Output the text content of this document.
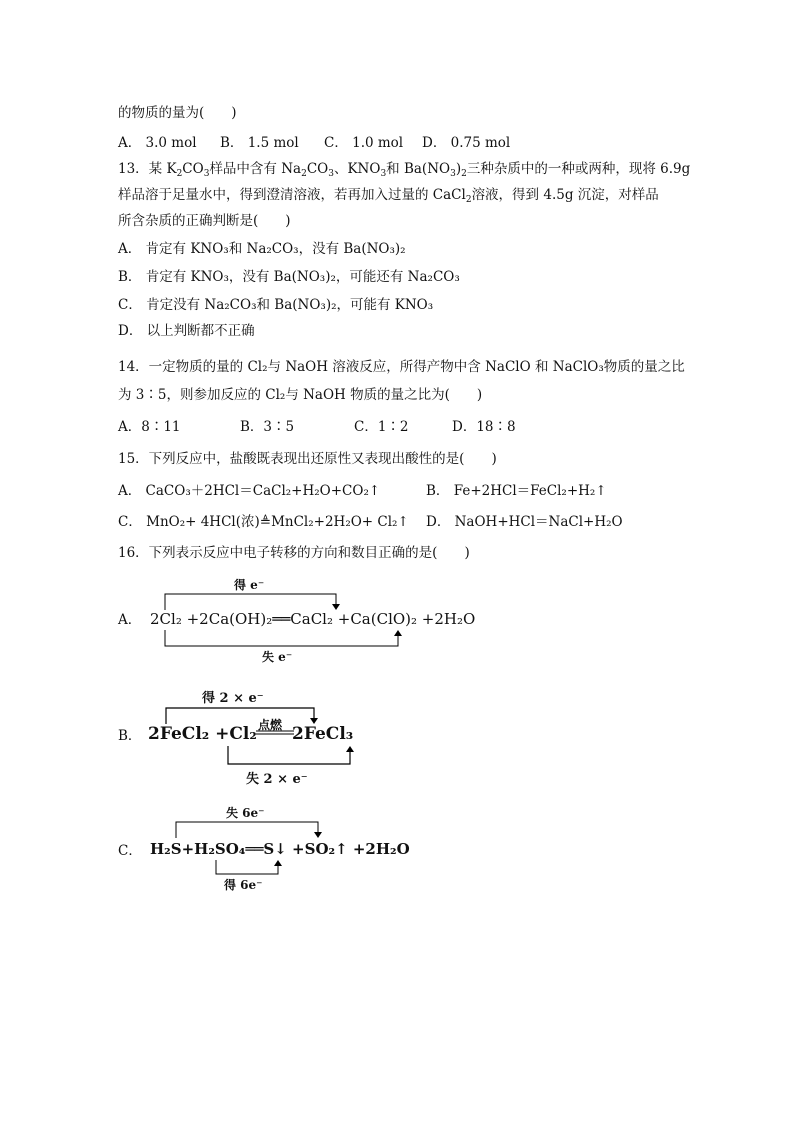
的物质的量为(　　)
A． 3.0 mol B． 1.5 mol C． 1.0 mol D． 0.75 mol
13．某 $K_2CO_3$样品中含有 $Na_2CO_3$、$KNO_3$和 $Ba(NO_3)_2$三种杂质中的一种或两种，现将 6.9g
样品溶于足量水中，得到澄清溶液，若再加入过量的 CaCl$_2$溶液，得到 4.5g 沉淀，对样品
所含杂质的正确判断是(　　)
A． 肯定有 KNO₃和 Na₂CO₃，没有 Ba(NO₃)₂
B． 肯定有 KNO₃，没有 Ba(NO₃)₂，可能还有 Na₂CO₃
C． 肯定没有 Na₂CO₃和 Ba(NO₃)₂，可能有 KNO₃
D． 以上判断都不正确
14．一定物质的量的 Cl₂与 NaOH 溶液反应，所得产物中含 NaClO 和 NaClO₃物质的量之比
为 3∶5，则参加反应的 Cl₂与 NaOH 物质的量之比为(　　)
A．8∶11	B．3∶5	C．1∶2	D．18∶8
15．下列反应中，盐酸既表现出还原性又表现出酸性的是(　　)
A． CaCO₃＋2HCl＝CaCl₂+H₂O+CO₂↑	B． Fe+2HCl＝FeCl₂+H₂↑
C． MnO₂+ 4HCl(浓)≜MnCl₂+2H₂O+ Cl₂↑ D． NaOH+HCl＝NaCl+H₂O
16．下列表示反应中电子转移的方向和数目正确的是(　　)
A． 2Cl₂ +2Ca(OH)₂══CaCl₂ +Ca(ClO)₂ +2H₂O
得 e⁻
失 e⁻
B． 2FeCl₂ +Cl₂ 点燃 2FeCl₃
得 2 × e⁻
失 2 × e⁻
C． H₂S+H₂SO₄══S↓ +SO₂↑ +2H₂O
失 6e⁻
得 6e⁻
